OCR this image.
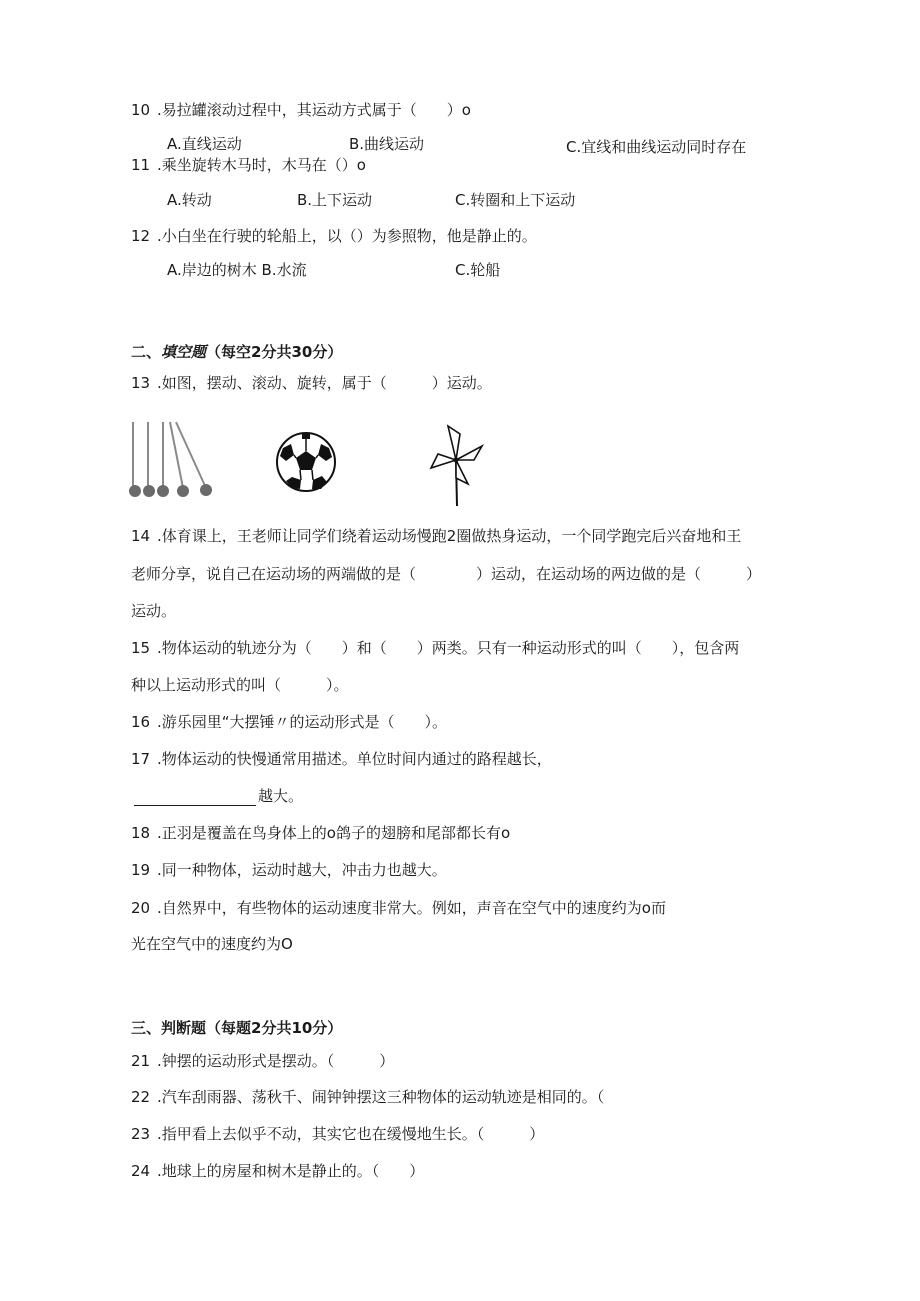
10 .易拉罐滚动过程中，其运动方式属于（　　）o
A.直线运动	B.曲线运动	C.宜线和曲线运动同时存在
11 .乘坐旋转木马时，木马在（）o
A.转动	B.上下运动	C.转圈和上下运动
12 .小白坐在行驶的轮船上，以（）为参照物，他是静止的。
A.岸边的树木 B.水流	C.轮船
二、填空题（每空2分共30分）
13 .如图，摆动、滚动、旋转，属于（　　　）运动。
14 .体育课上，王老师让同学们绕着运动场慢跑2圈做热身运动，一个同学跑完后兴奋地和王
老师分享，说自己在运动场的两端做的是（　　　　）运动，在运动场的两边做的是（　　　）
运动。
15 .物体运动的轨迹分为（　　）和（　　）两类。只有一种运动形式的叫（　　），包含两
种以上运动形式的叫（　　　）。
16 .游乐园里“大摆锤〃的运动形式是（　　）。
17 .物体运动的快慢通常用描述。单位时间内通过的路程越长，
越大。
18 .正羽是覆盖在鸟身体上的o鸽子的翅膀和尾部都长有o
19 .同一种物体，运动时越大，冲击力也越大。
20 .自然界中，有些物体的运动速度非常大。例如，声音在空气中的速度约为o而
光在空气中的速度约为O
三、判断题（每题2分共10分）
21 .钟摆的运动形式是摆动。（　　　）
22 .汽车刮雨器、荡秋千、闹钟钟摆这三种物体的运动轨迹是相同的。（
23 .指甲看上去似乎不动，其实它也在缓慢地生长。（　　　）
24 .地球上的房屋和树木是静止的。（　　）
